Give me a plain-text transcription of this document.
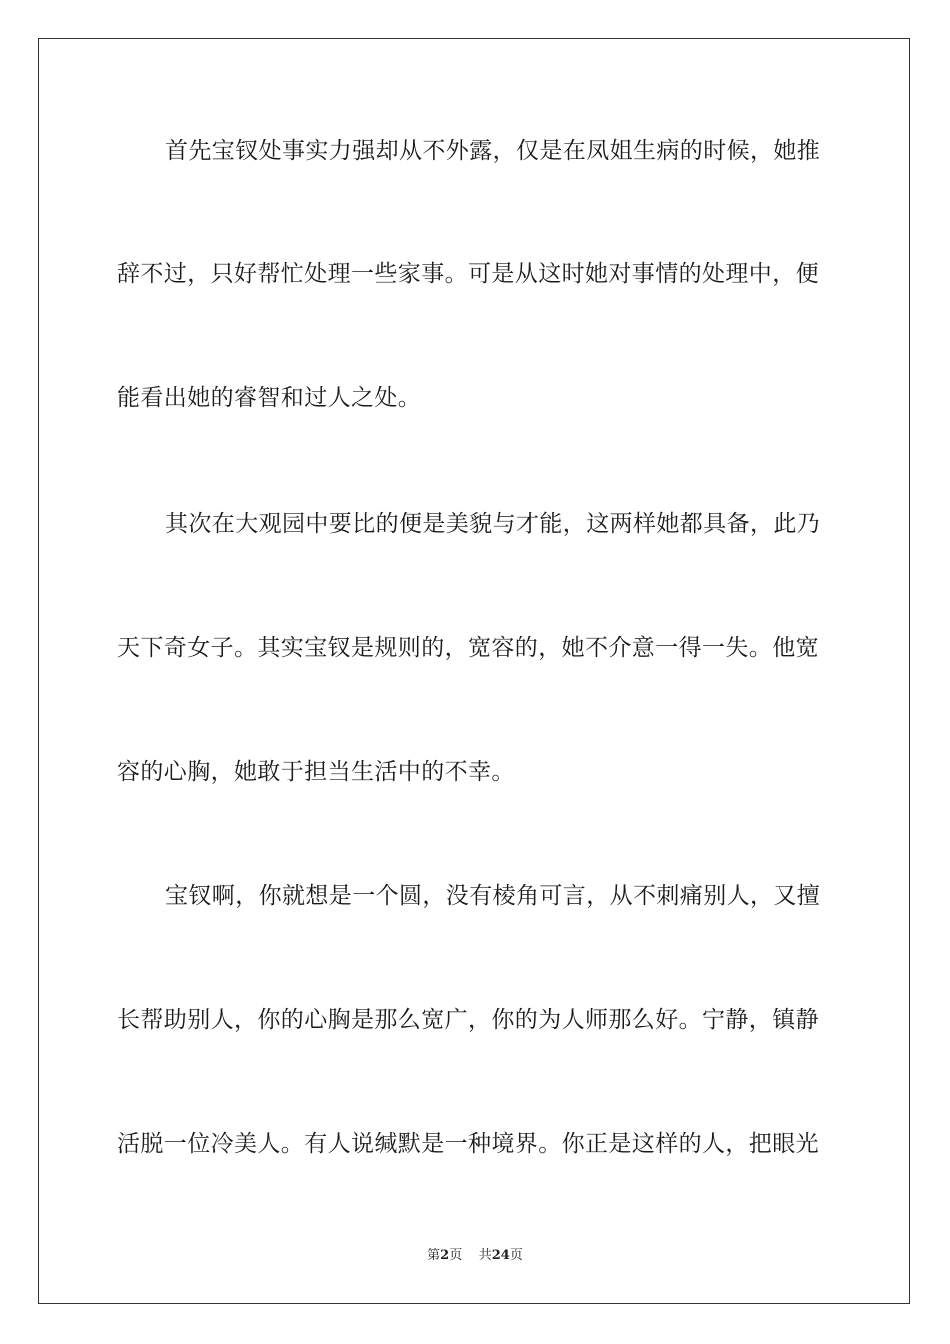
首先宝钗处事实力强却从不外露，仅是在凤姐生病的时候，她推
辞不过，只好帮忙处理一些家事。可是从这时她对事情的处理中，便
能看出她的睿智和过人之处。
其次在大观园中要比的便是美貌与才能，这两样她都具备，此乃
天下奇女子。其实宝钗是规则的，宽容的，她不介意一得一失。他宽
容的心胸，她敢于担当生活中的不幸。
宝钗啊，你就想是一个圆，没有棱角可言，从不刺痛别人，又擅
长帮助别人，你的心胸是那么宽广，你的为人师那么好。宁静，镇静
活脱一位冷美人。有人说缄默是一种境界。你正是这样的人，把眼光
第2页 共24页
